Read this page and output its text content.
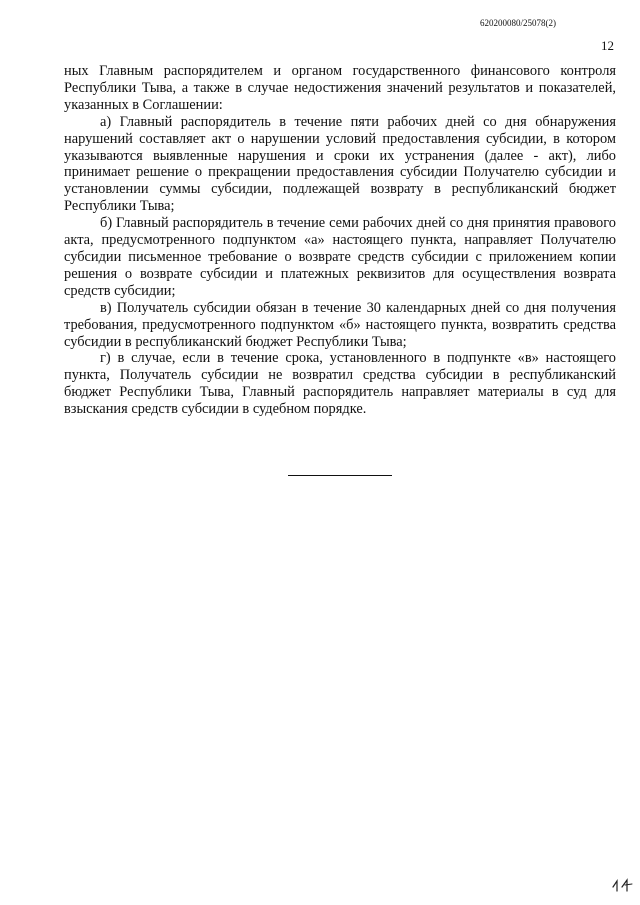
620200080/25078(2)
12

ных Главным распорядителем и органом государственного финансового контроля Республики Тыва, а также в случае недостижения значений результатов и показателей, указанных в Соглашении:

а) Главный распорядитель в течение пяти рабочих дней со дня обнаружения нарушений составляет акт о нарушении условий предоставления субсидии, в котором указываются выявленные нарушения и сроки их устранения (далее - акт), либо принимает решение о прекращении предоставления субсидии Получателю субсидии и установлении суммы субсидии, подлежащей возврату в республиканский бюджет Республики Тыва;

б) Главный распорядитель в течение семи рабочих дней со дня принятия правового акта, предусмотренного подпунктом «а» настоящего пункта, направляет Получателю субсидии письменное требование о возврате средств субсидии с приложением копии решения о возврате субсидии и платежных реквизитов для осуществления возврата средств субсидии;

в) Получатель субсидии обязан в течение 30 календарных дней со дня получения требования, предусмотренного подпунктом «б» настоящего пункта, возвратить средства субсидии в республиканский бюджет Республики Тыва;

г) в случае, если в течение срока, установленного в подпункте «в» настоящего пункта, Получатель субсидии не возвратил средства субсидии в республиканский бюджет Республики Тыва, Главный распорядитель направляет материалы в суд для взыскания средств субсидии в судебном порядке.
